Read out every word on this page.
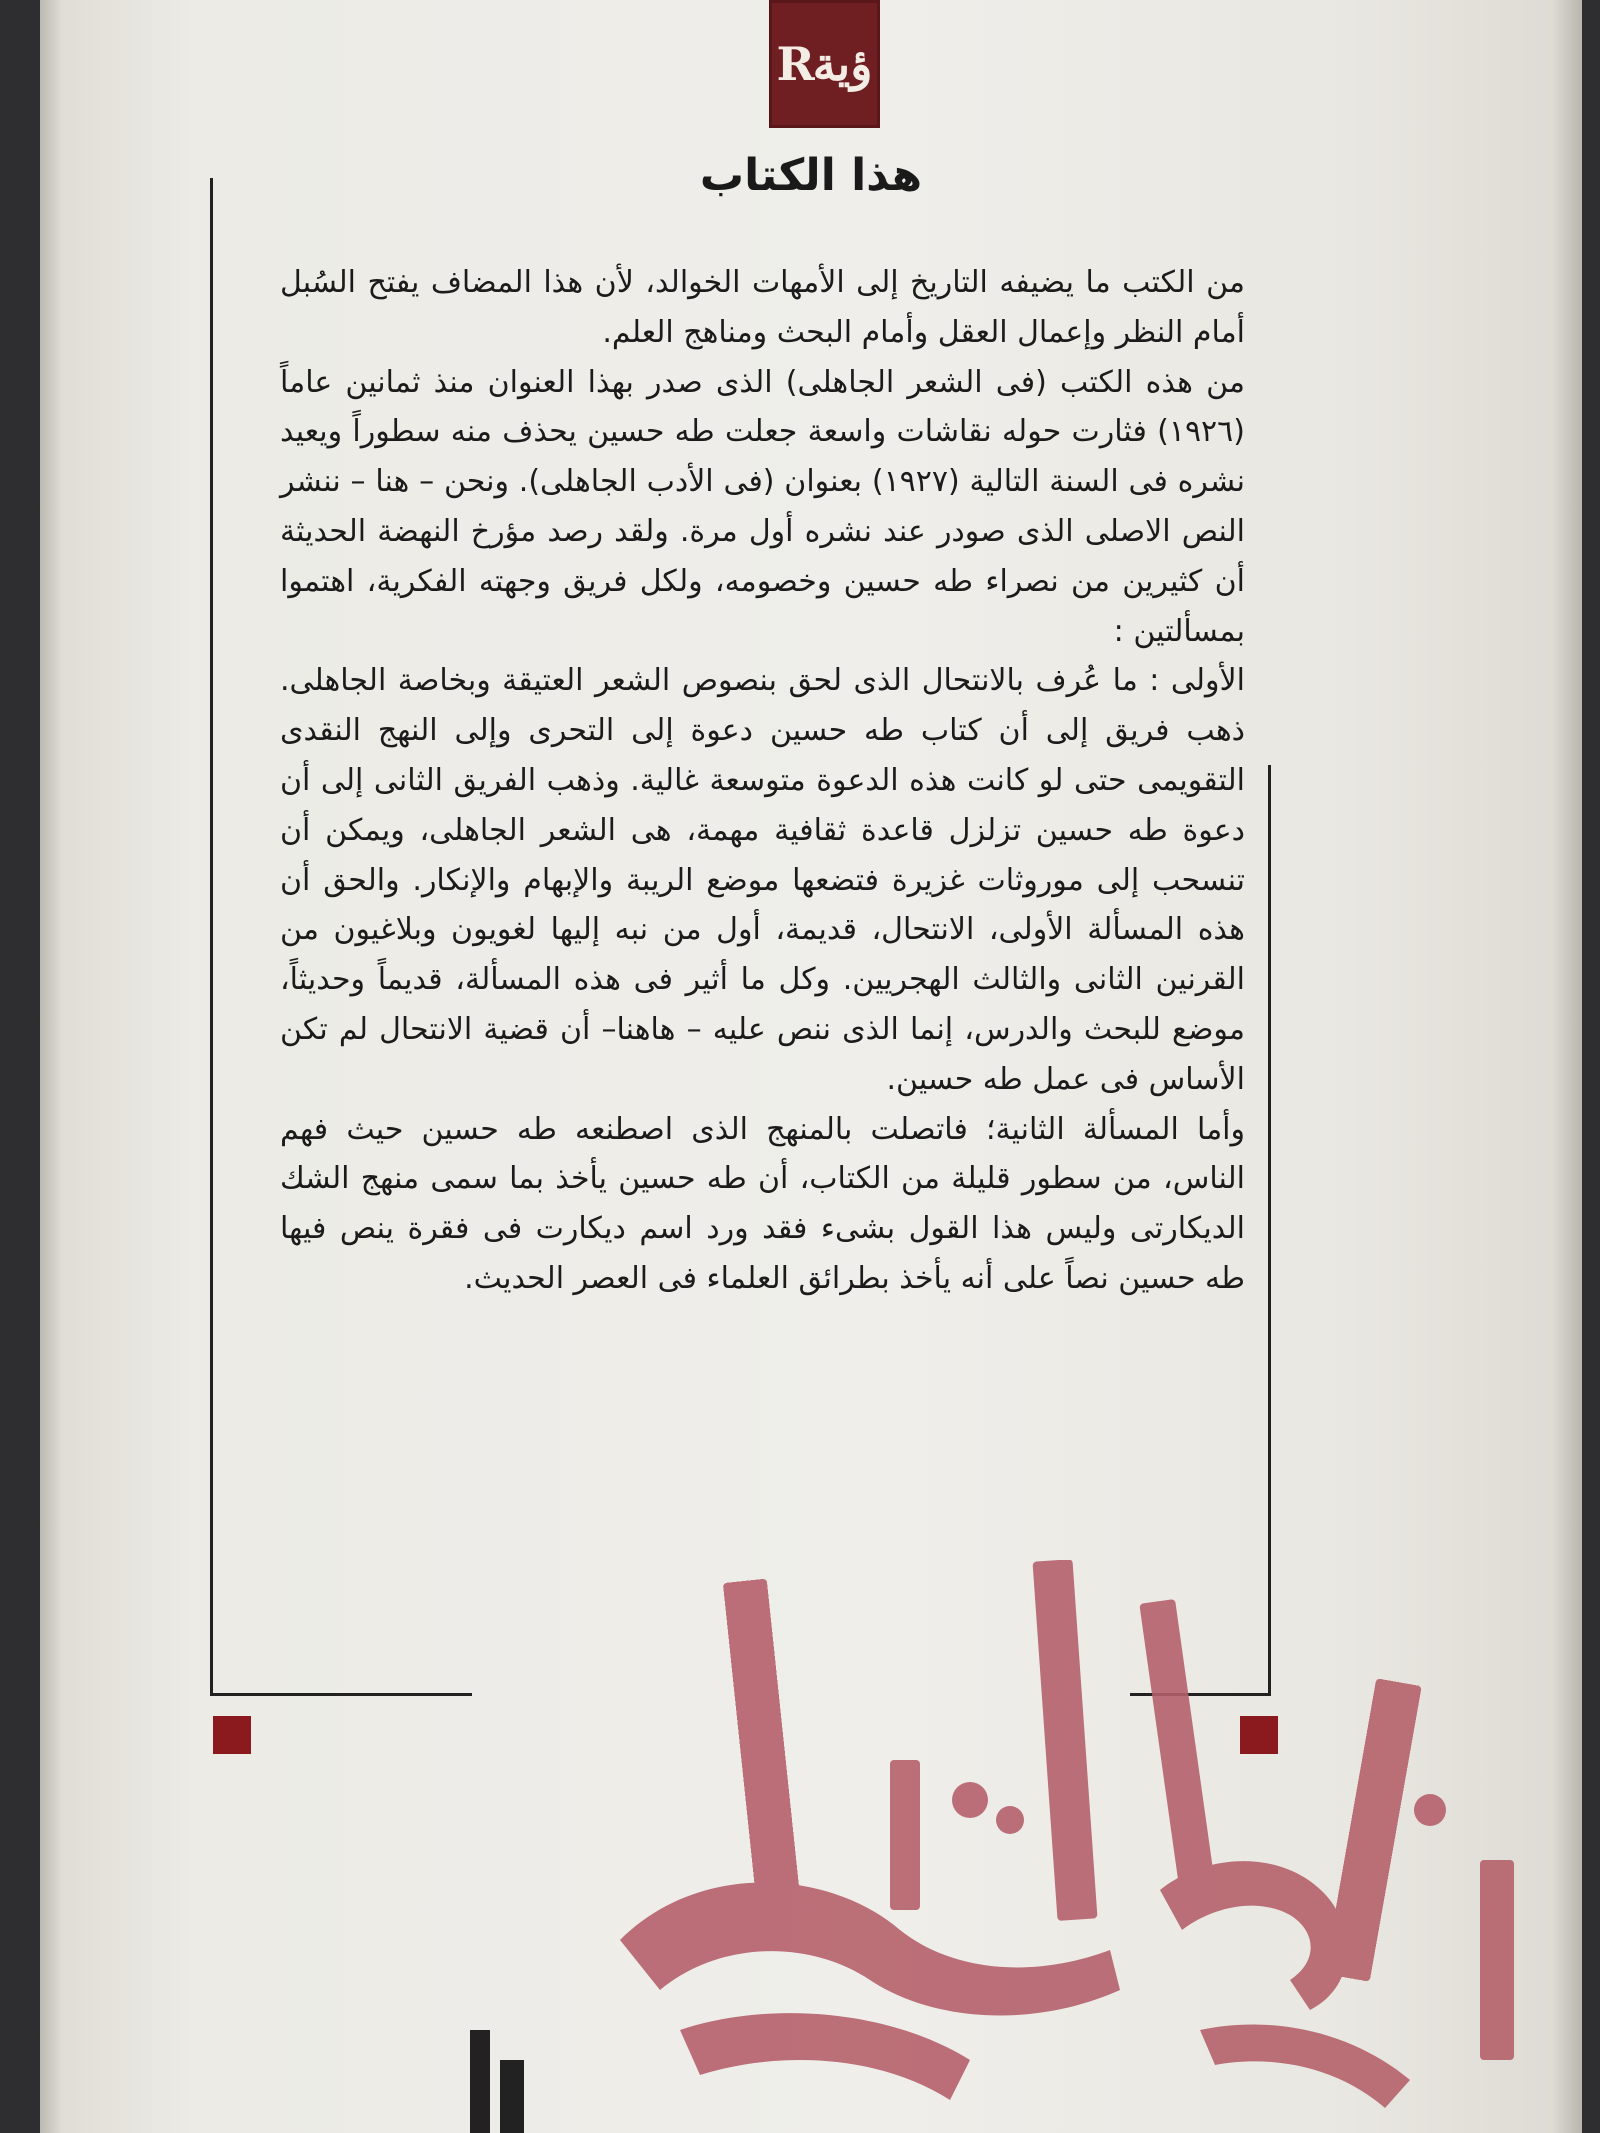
Rؤية
هذا الكتاب

من الكتب ما يضيفه التاريخ إلى الأمهات الخوالد، لأن هذا المضاف يفتح السُبل أمام النظر وإعمال العقل وأمام البحث ومناهج العلم.

من هذه الكتب (فى الشعر الجاهلى) الذى صدر بهذا العنوان منذ ثمانين عاماً (١٩٢٦) فثارت حوله نقاشات واسعة جعلت طه حسين يحذف منه سطوراً ويعيد نشره فى السنة التالية (١٩٢٧) بعنوان (فى الأدب الجاهلى). ونحن – هنا – ننشر النص الاصلى الذى صودر عند نشره أول مرة. ولقد رصد مؤرخ النهضة الحديثة أن كثيرين من نصراء طه حسين وخصومه، ولكل فريق وجهته الفكرية، اهتموا بمسألتين :

الأولى : ما عُرف بالانتحال الذى لحق بنصوص الشعر العتيقة وبخاصة الجاهلى. ذهب فريق إلى أن كتاب طه حسين دعوة إلى التحرى وإلى النهج النقدى التقويمى حتى لو كانت هذه الدعوة متوسعة غالية. وذهب الفريق الثانى إلى أن دعوة طه حسين تزلزل قاعدة ثقافية مهمة، هى الشعر الجاهلى، ويمكن أن تنسحب إلى موروثات غزيرة فتضعها موضع الريبة والإبهام والإنكار. والحق أن هذه المسألة الأولى، الانتحال، قديمة، أول من نبه إليها لغويون وبلاغيون من القرنين الثانى والثالث الهجريين. وكل ما أثير فى هذه المسألة، قديماً وحديثاً، موضع للبحث والدرس، إنما الذى ننص عليه – هاهنا– أن قضية الانتحال لم تكن الأساس فى عمل طه حسين.

وأما المسألة الثانية؛ فاتصلت بالمنهج الذى اصطنعه طه حسين حيث فهم الناس، من سطور قليلة من الكتاب، أن طه حسين يأخذ بما سمى منهج الشك الديكارتى وليس هذا القول بشىء فقد ورد اسم ديكارت فى فقرة ينص فيها طه حسين نصاً على أنه يأخذ بطرائق العلماء فى العصر الحديث.
